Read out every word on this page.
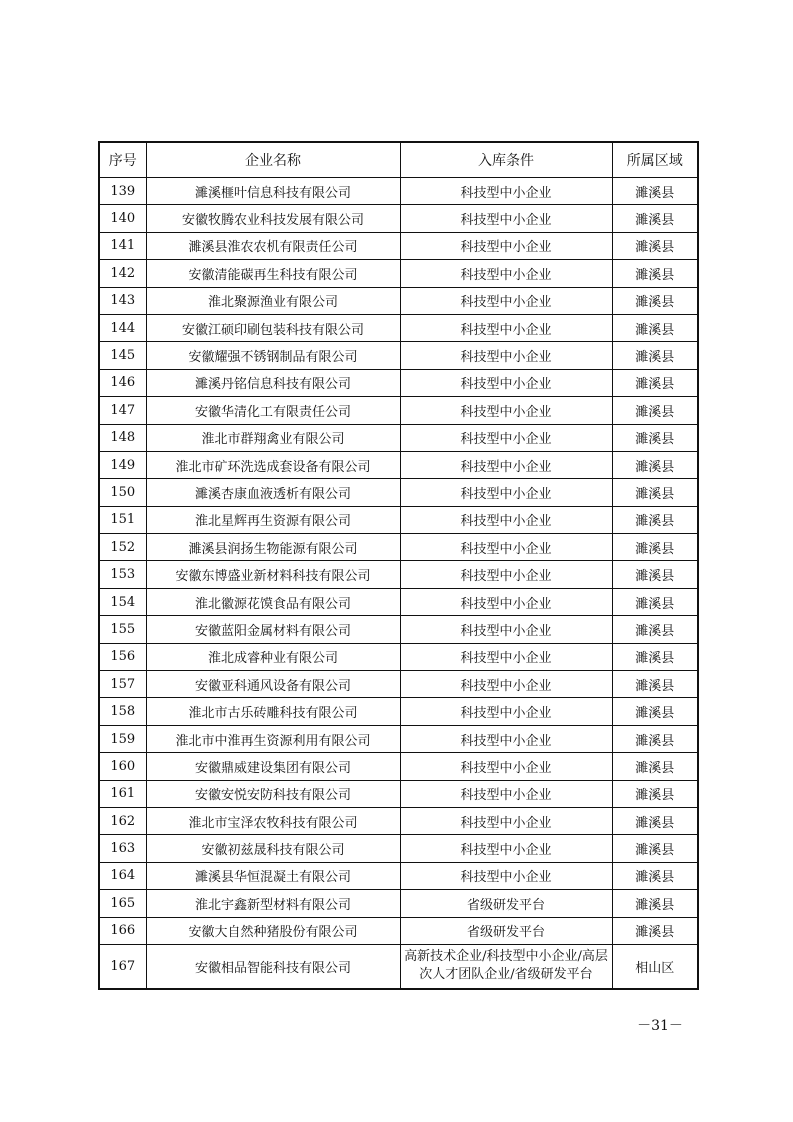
序号	企业名称	入库条件	所属区域
139	濉溪榧叶信息科技有限公司	科技型中小企业	濉溪县
140	安徽牧腾农业科技发展有限公司	科技型中小企业	濉溪县
141	濉溪县淮农农机有限责任公司	科技型中小企业	濉溪县
142	安徽清能碳再生科技有限公司	科技型中小企业	濉溪县
143	淮北聚源渔业有限公司	科技型中小企业	濉溪县
144	安徽江硕印刷包装科技有限公司	科技型中小企业	濉溪县
145	安徽耀强不锈钢制品有限公司	科技型中小企业	濉溪县
146	濉溪丹铭信息科技有限公司	科技型中小企业	濉溪县
147	安徽华清化工有限责任公司	科技型中小企业	濉溪县
148	淮北市群翔禽业有限公司	科技型中小企业	濉溪县
149	淮北市矿环洗选成套设备有限公司	科技型中小企业	濉溪县
150	濉溪杏康血液透析有限公司	科技型中小企业	濉溪县
151	淮北星辉再生资源有限公司	科技型中小企业	濉溪县
152	濉溪县润扬生物能源有限公司	科技型中小企业	濉溪县
153	安徽东博盛业新材料科技有限公司	科技型中小企业	濉溪县
154	淮北徽源花馍食品有限公司	科技型中小企业	濉溪县
155	安徽蓝阳金属材料有限公司	科技型中小企业	濉溪县
156	淮北成睿种业有限公司	科技型中小企业	濉溪县
157	安徽亚科通风设备有限公司	科技型中小企业	濉溪县
158	淮北市古乐砖雕科技有限公司	科技型中小企业	濉溪县
159	淮北市中淮再生资源利用有限公司	科技型中小企业	濉溪县
160	安徽鼎威建设集团有限公司	科技型中小企业	濉溪县
161	安徽安悦安防科技有限公司	科技型中小企业	濉溪县
162	淮北市宝泽农牧科技有限公司	科技型中小企业	濉溪县
163	安徽初兹晟科技有限公司	科技型中小企业	濉溪县
164	濉溪县华恒混凝土有限公司	科技型中小企业	濉溪县
165	淮北宇鑫新型材料有限公司	省级研发平台	濉溪县
166	安徽大自然种猪股份有限公司	省级研发平台	濉溪县
167	安徽相品智能科技有限公司	高新技术企业/科技型中小企业/高层次人才团队企业/省级研发平台	相山区
－31－
